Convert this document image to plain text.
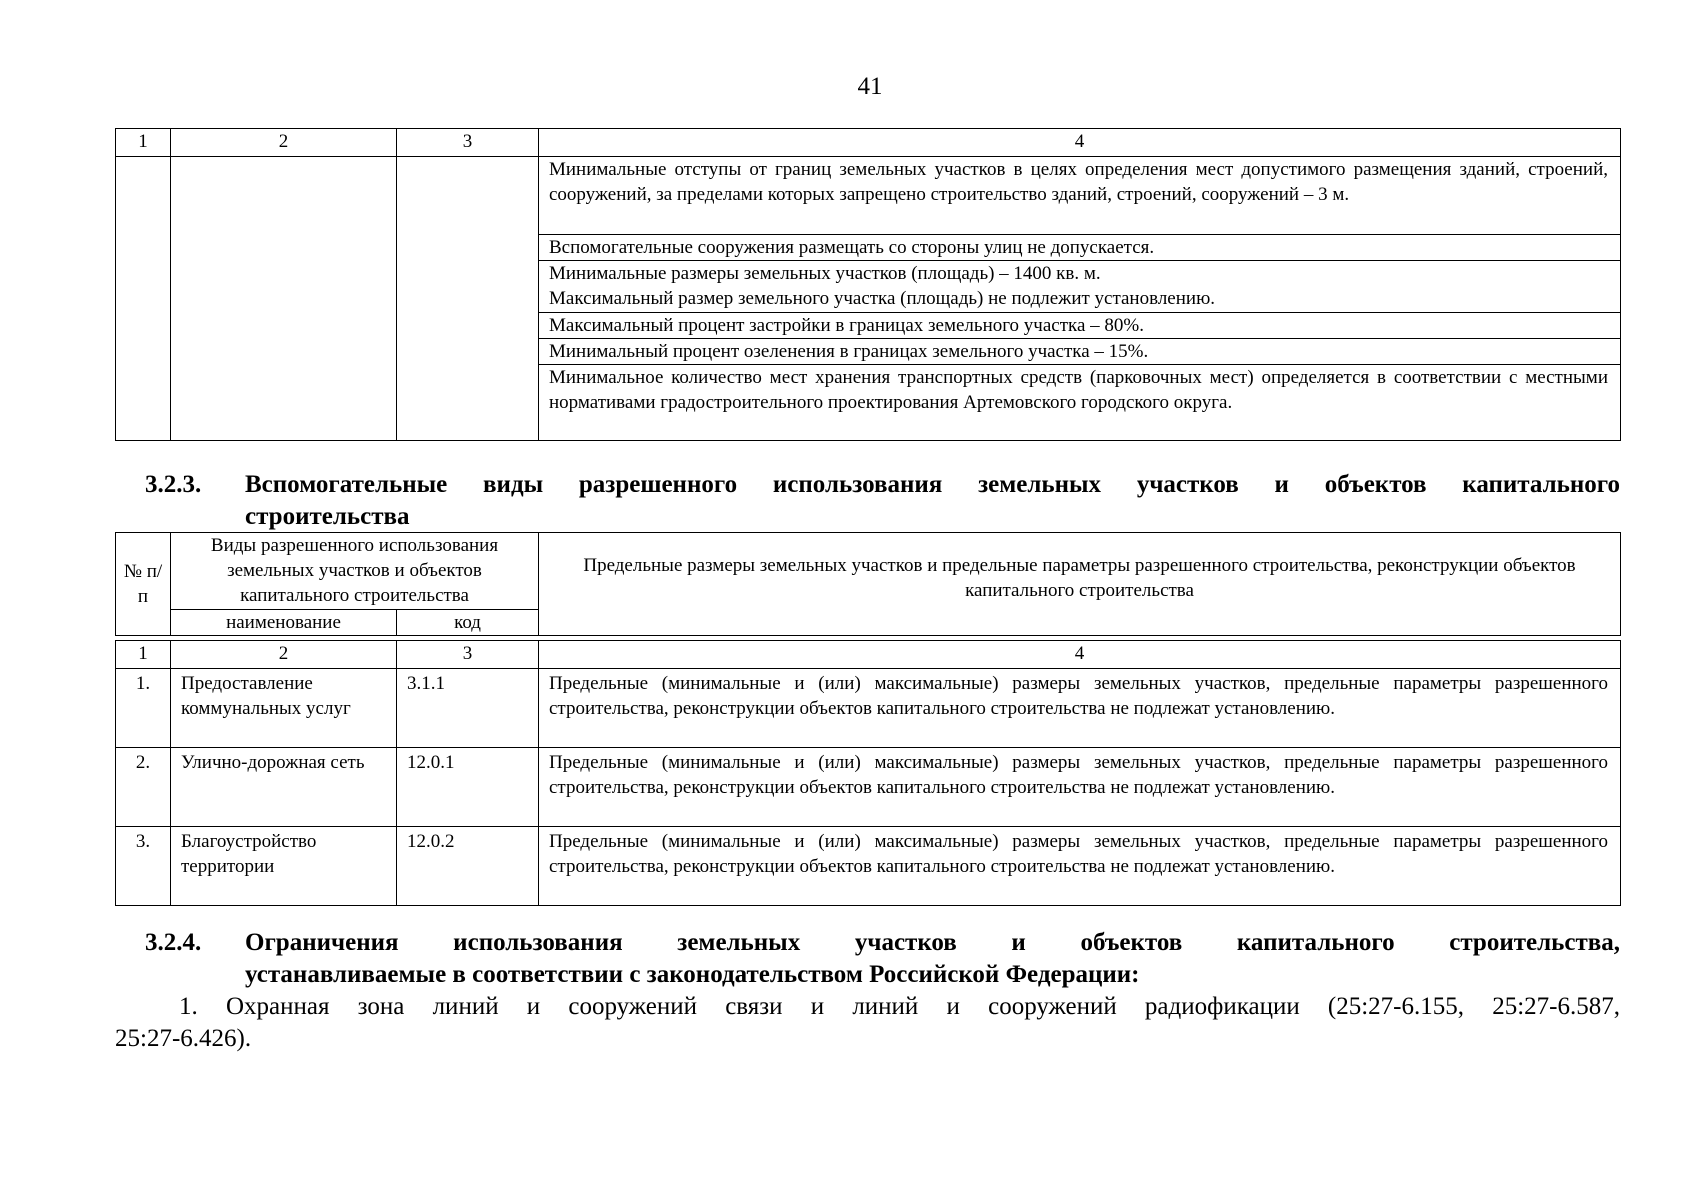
41
1	2	3	4
			Минимальные отступы от границ земельных участков в целях определения мест допустимого размещения зданий, строений, сооружений, за пределами которых запрещено строительство зданий, строений, сооружений – 3 м.
			Вспомогательные сооружения размещать со стороны улиц не допускается.

			Минимальные размеры земельных участков (площадь) – 1400 кв. м.
Максимальный размер земельного участка (площадь) не подлежит установлению.

			Максимальный процент застройки в границах земельного участка – 80%.
			Минимальный процент озеленения в границах земельного участка – 15%.
			Минимальное количество мест хранения транспортных средств (парковочных мест) определяется в соответствии с местными нормативами градостроительного проектирования Артемовского городского округа.
3.2.3. Вспомогательные виды разрешенного использования земельных участков и объектов капитального
строительства
№ п/п	Виды разрешенного использования земельных участков и объектов капитального строительства		Предельные размеры земельных участков и предельные параметры разрешенного строительства, реконструкции объектов капитального строительства
	наименование	код	
1	2	3	4
1.	Предоставление коммунальных услуг	3.1.1	Предельные (минимальные и (или) максимальные) размеры земельных участков, предельные параметры разрешенного строительства, реконструкции объектов капитального строительства не подлежат установлению.
2.	Улично-дорожная сеть	12.0.1	Предельные (минимальные и (или) максимальные) размеры земельных участков, предельные параметры разрешенного строительства, реконструкции объектов капитального строительства не подлежат установлению.
3.	Благоустройство территории	12.0.2	Предельные (минимальные и (или) максимальные) размеры земельных участков, предельные параметры разрешенного строительства, реконструкции объектов капитального строительства не подлежат установлению.
3.2.4. Ограничения использования земельных участков и объектов капитального строительства,
устанавливаемые в соответствии с законодательством Российской Федерации:
1. Охранная зона линий и сооружений связи и линий и сооружений радиофикации (25:27-6.155, 25:27-6.587,
25:27-6.426).
